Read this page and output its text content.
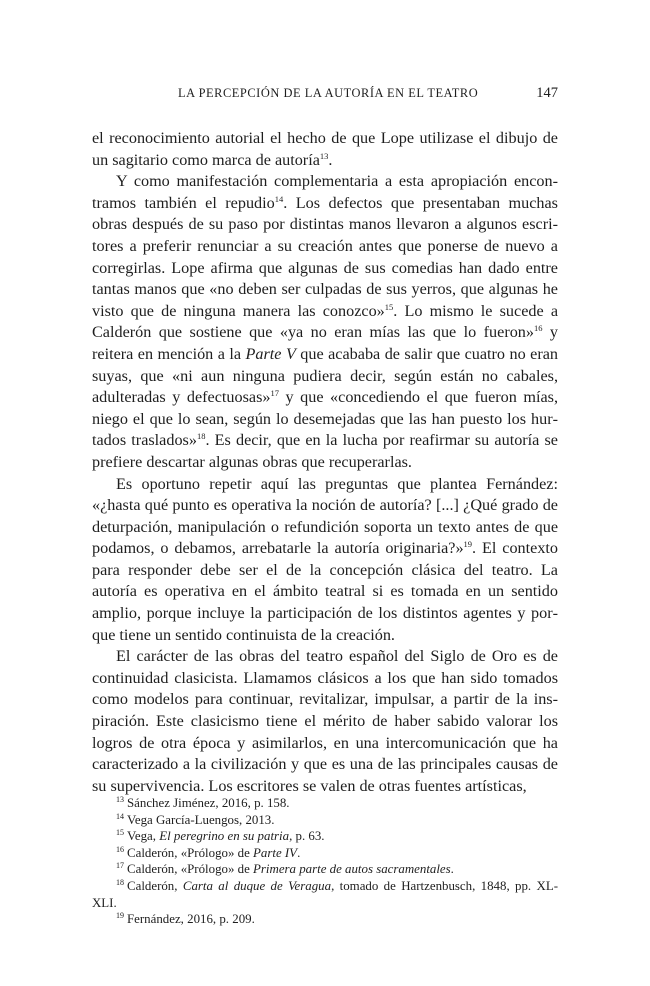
LA PERCEPCIÓN DE LA AUTORÍA EN EL TEATRO	147

el reconocimiento autorial el hecho de que Lope utilizase el dibujo de un sagitario como marca de autoría$^{13}$.

Y como manifestación complementaria a esta apropiación encontramos también el repudio$^{14}$. Los defectos que presentaban muchas obras después de su paso por distintas manos llevaron a algunos escritores a preferir renunciar a su creación antes que ponerse de nuevo a corregirlas. Lope afirma que algunas de sus comedias han dado entre tantas manos que «no deben ser culpadas de sus yerros, que algunas he visto que de ninguna manera las conozco»$^{15}$. Lo mismo le sucede a Calderón que sostiene que «ya no eran mías las que lo fueron»$^{16}$ y reitera en mención a la Parte V que acababa de salir que cuatro no eran suyas, que «ni aun ninguna pudiera decir, según están no cabales, adulteradas y defectuosas»$^{17}$ y que «concediendo el que fueron mías, niego el que lo sean, según lo desemejadas que las han puesto los hurtados traslados»$^{18}$. Es decir, que en la lucha por reafirmar su autoría se prefiere descartar algunas obras que recuperarlas.

Es oportuno repetir aquí las preguntas que plantea Fernández: «¿hasta qué punto es operativa la noción de autoría? [...] ¿Qué grado de deturpación, manipulación o refundición soporta un texto antes de que podamos, o debamos, arrebatarle la autoría originaria?»$^{19}$. El contexto para responder debe ser el de la concepción clásica del teatro. La autoría es operativa en el ámbito teatral si es tomada en un sentido amplio, porque incluye la participación de los distintos agentes y porque tiene un sentido continuista de la creación.

El carácter de las obras del teatro español del Siglo de Oro es de continuidad clasicista. Llamamos clásicos a los que han sido tomados como modelos para continuar, revitalizar, impulsar, a partir de la inspiración. Este clasicismo tiene el mérito de haber sabido valorar los logros de otra época y asimilarlos, en una intercomunicación que ha caracterizado a la civilización y que es una de las principales causas de su supervivencia. Los escritores se valen de otras fuentes artísticas,

$^{13}$ Sánchez Jiménez, 2016, p. 158.
$^{14}$ Vega García-Luengos, 2013.
$^{15}$ Vega, El peregrino en su patria, p. 63.
$^{16}$ Calderón, «Prólogo» de Parte IV.
$^{17}$ Calderón, «Prólogo» de Primera parte de autos sacramentales.
$^{18}$ Calderón, Carta al duque de Veragua, tomado de Hartzenbusch, 1848, pp. XL-XLI.
$^{19}$ Fernández, 2016, p. 209.
